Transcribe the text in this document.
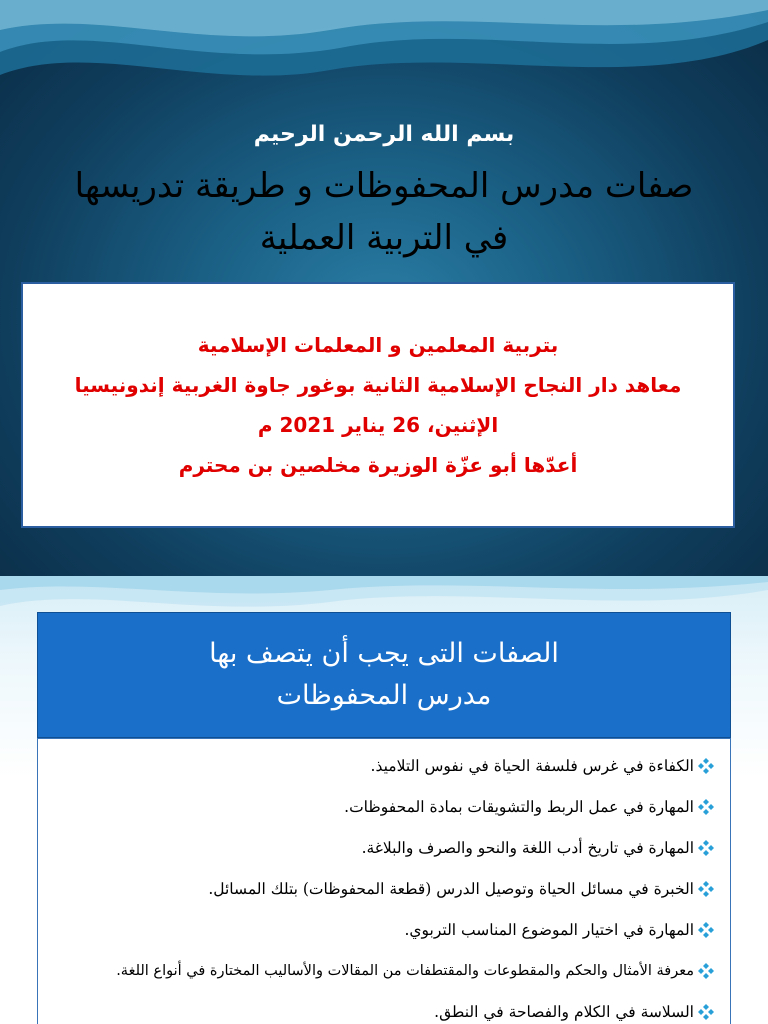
بسم الله الرحمن الرحيم
صفات مدرس المحفوظات و طريقة تدريسها
في التربية العملية
بتربية المعلمين و المعلمات الإسلامية
معاهد دار النجاح الإسلامية الثانية بوغور جاوة الغربية إندونيسيا
الإثنين، 26 يناير 2021 م
أعدّها أبو عزّة الوزيرة مخلصين بن محترم
الصفات التى يجب أن يتصف بها
مدرس المحفوظات
الكفاءة في غرس فلسفة الحياة في نفوس التلاميذ.
المهارة في عمل الربط والتشويقات بمادة المحفوظات.
المهارة في تاريخ أدب اللغة والنحو والصرف والبلاغة.
الخبرة في مسائل الحياة وتوصيل الدرس (قطعة المحفوظات) بتلك المسائل.
المهارة في اختيار الموضوع المناسب التربوي.
معرفة الأمثال والحكم والمقطوعات والمقتطفات من المقالات والأساليب المختارة في أنواع اللغة.
السلاسة في الكلام والفصاحة في النطق.
